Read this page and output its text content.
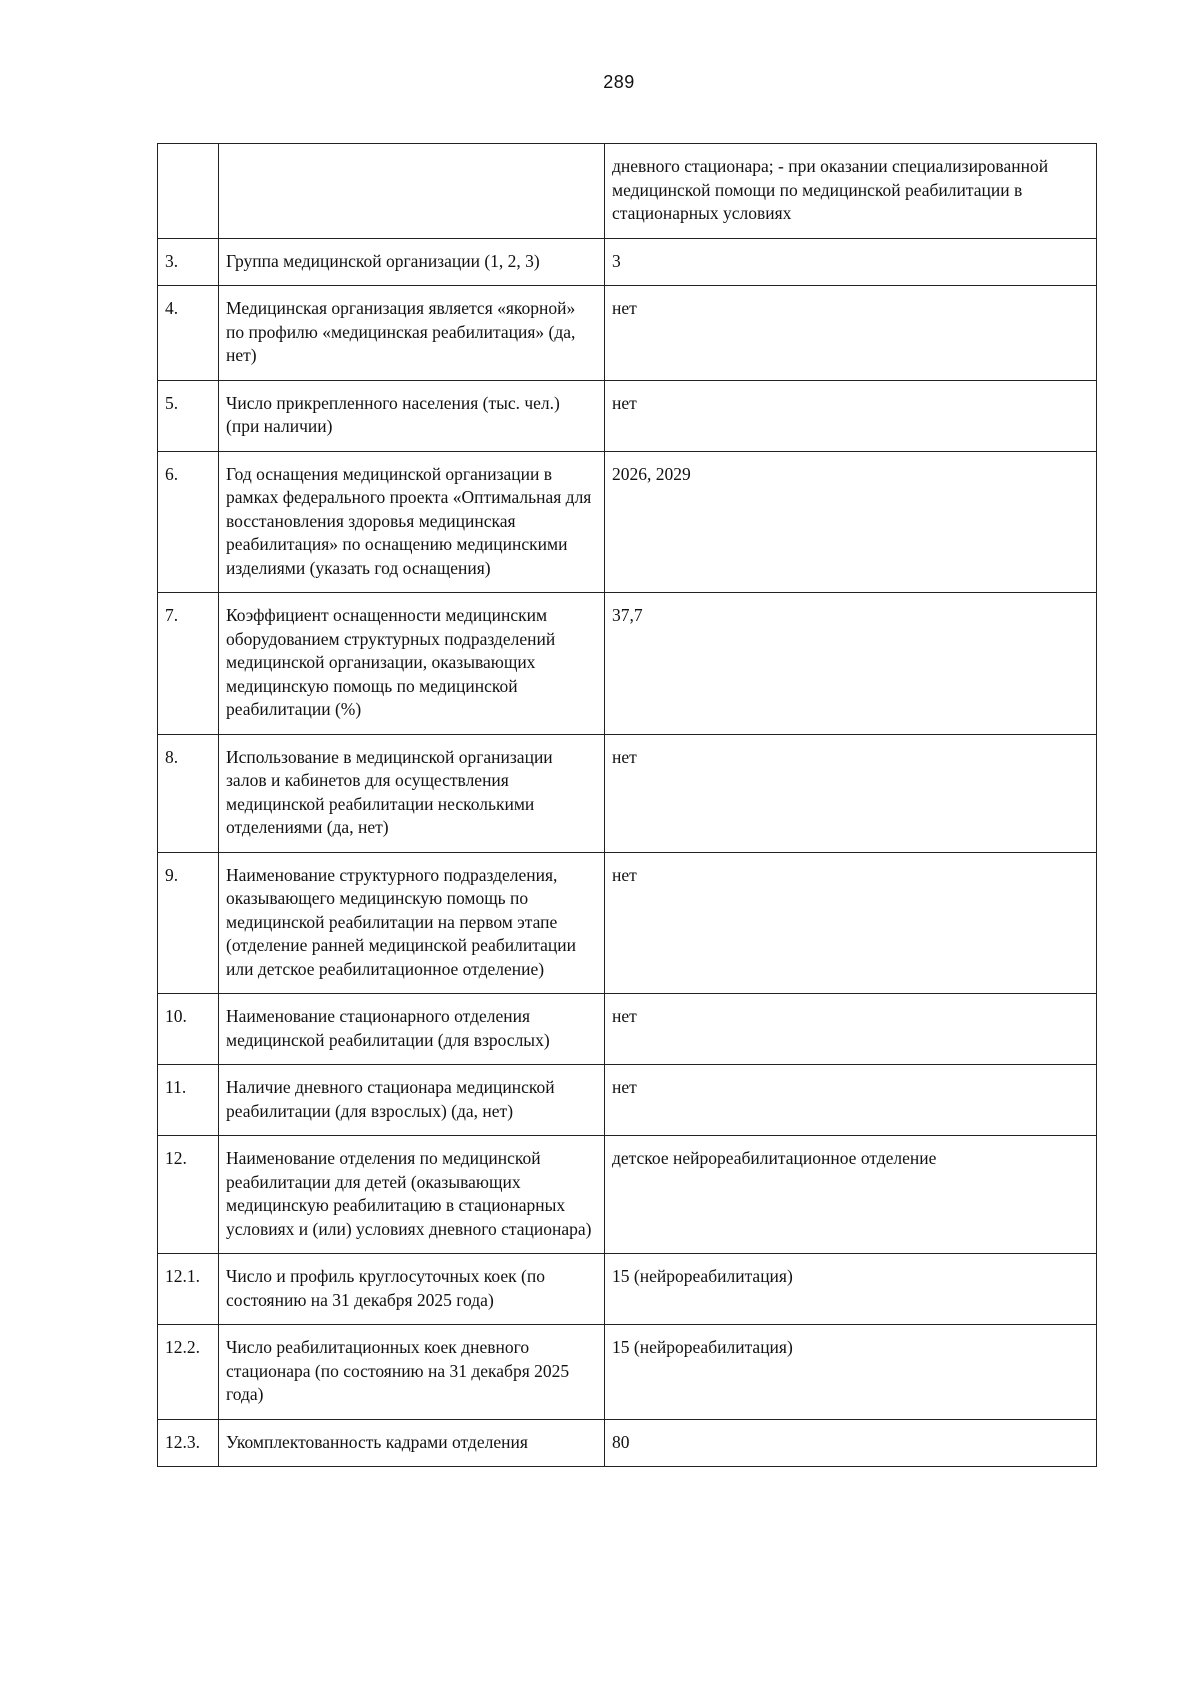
289
		дневного стационара; - при оказании специализированной медицинской помощи по медицинской реабилитации в стационарных условиях
3.	Группа медицинской организации (1, 2, 3)	3
4.	Медицинская организация является «якорной» по профилю «медицинская реабилитация» (да, нет)	нет
5.	Число прикрепленного населения (тыс. чел.) (при наличии)	нет
6.	Год оснащения медицинской организации в рамках федерального проекта «Оптимальная для восстановления здоровья медицинская реабилитация» по оснащению медицинскими изделиями (указать год оснащения)	2026, 2029
7.	Коэффициент оснащенности медицинским оборудованием структурных подразделений медицинской организации, оказывающих медицинскую помощь по медицинской реабилитации (%)	37,7
8.	Использование в медицинской организации залов и кабинетов для осуществления медицинской реабилитации несколькими отделениями (да, нет)	нет
9.	Наименование структурного подразделения, оказывающего медицинскую помощь по медицинской реабилитации на первом этапе (отделение ранней медицинской реабилитации или детское реабилитационное отделение)	нет
10.	Наименование стационарного отделения медицинской реабилитации (для взрослых)	нет
11.	Наличие дневного стационара медицинской реабилитации (для взрослых) (да, нет)	нет
12.	Наименование отделения по медицинской реабилитации для детей (оказывающих медицинскую реабилитацию в стационарных условиях и (или) условиях дневного стационара)	детское нейрореабилитационное отделение
12.1.	Число и профиль круглосуточных коек (по состоянию на 31 декабря 2025 года)	15 (нейрореабилитация)
12.2.	Число реабилитационных коек дневного стационара (по состоянию на 31 декабря 2025 года)	15 (нейрореабилитация)
12.3.	Укомплектованность кадрами отделения	80
